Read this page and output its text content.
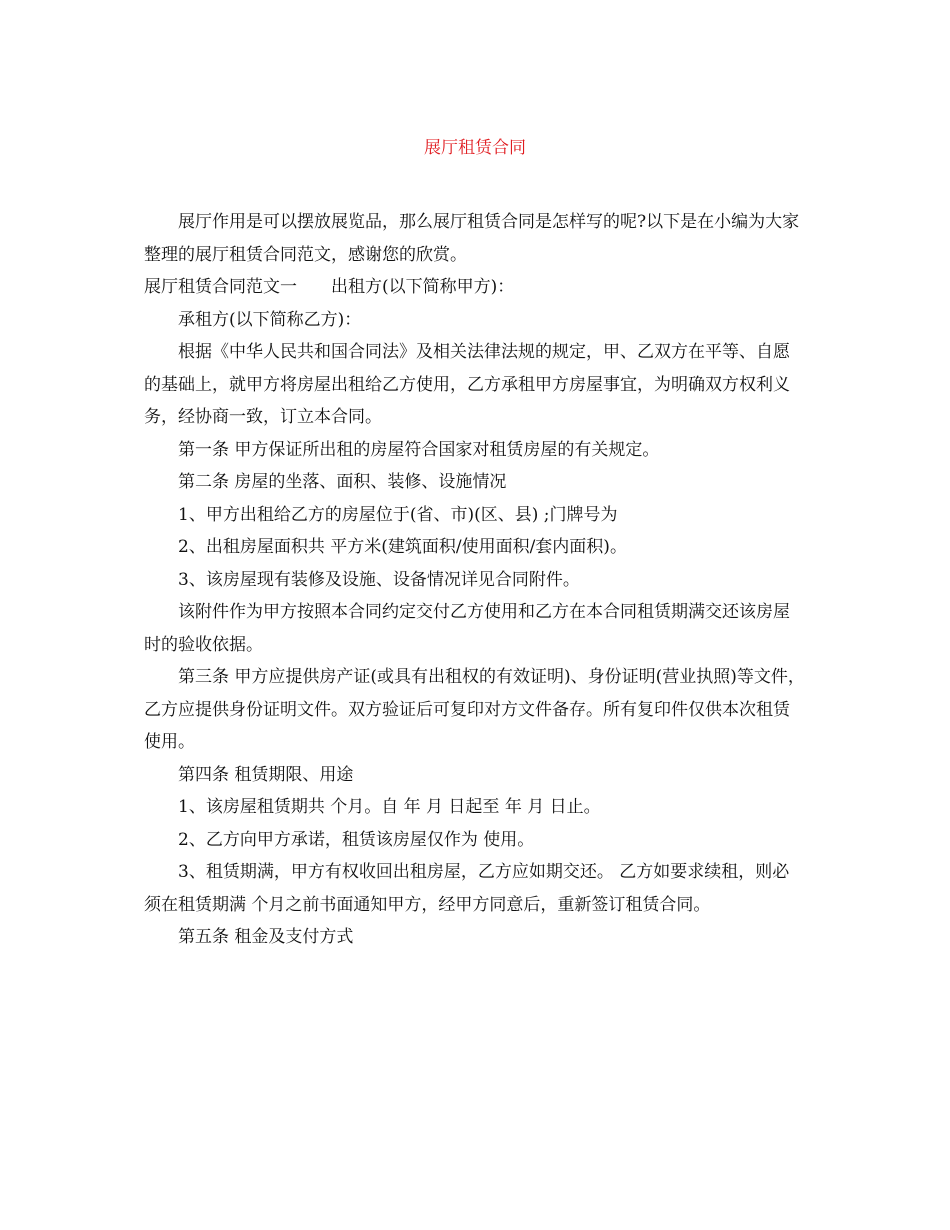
展厅租赁合同

展厅作用是可以摆放展览品，那么展厅租赁合同是怎样写的呢?以下是在小编为大家整理的展厅租赁合同范文，感谢您的欣赏。

展厅租赁合同范文一 出租方(以下简称甲方)：

承租方(以下简称乙方)：

根据《中华人民共和国合同法》及相关法律法规的规定，甲、乙双方在平等、自愿的基础上，就甲方将房屋出租给乙方使用，乙方承租甲方房屋事宜，为明确双方权利义务，经协商一致，订立本合同。

第一条 甲方保证所出租的房屋符合国家对租赁房屋的有关规定。

第二条 房屋的坐落、面积、装修、设施情况

1、甲方出租给乙方的房屋位于(省、市)(区、县) ;门牌号为

2、出租房屋面积共 平方米(建筑面积/使用面积/套内面积)。

3、该房屋现有装修及设施、设备情况详见合同附件。

该附件作为甲方按照本合同约定交付乙方使用和乙方在本合同租赁期满交还该房屋时的验收依据。

第三条 甲方应提供房产证(或具有出租权的有效证明)、身份证明(营业执照)等文件，乙方应提供身份证明文件。双方验证后可复印对方文件备存。所有复印件仅供本次租赁使用。

第四条 租赁期限、用途

1、该房屋租赁期共 个月。自 年 月 日起至 年 月 日止。

2、乙方向甲方承诺，租赁该房屋仅作为 使用。

3、租赁期满，甲方有权收回出租房屋，乙方应如期交还。 乙方如要求续租，则必须在租赁期满 个月之前书面通知甲方，经甲方同意后，重新签订租赁合同。

第五条 租金及支付方式
